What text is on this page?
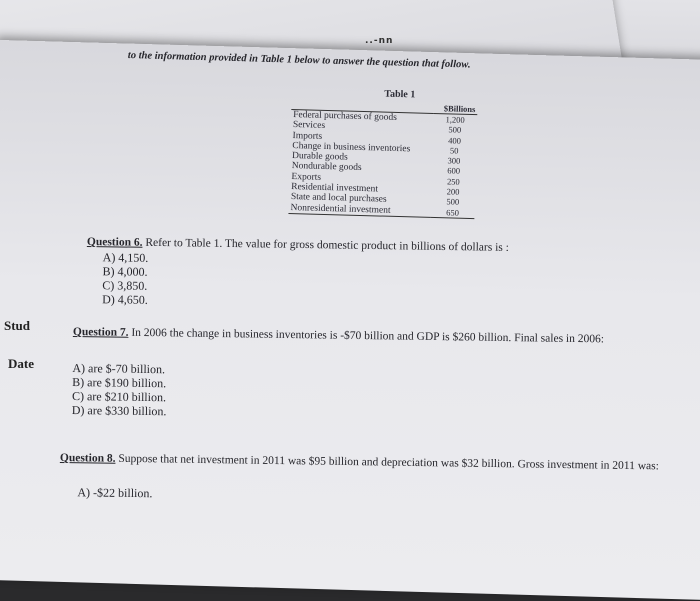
..-nn
to the information provided in Table 1 below to answer the question that follow.
Table 1
	$Billions
Federal purchases of goods	1,200
Services	500
Imports	400
Change in business inventories	50
Durable goods	300
Nondurable goods	600
Exports	250
Residential investment	200
State and local purchases	500
Nonresidential investment	650
Question 6. Refer to Table 1. The value for gross domestic product in billions of dollars is :
A) 4,150.
B) 4,000.
C) 3,850.
D) 4,650.
Stud
Date
Question 7. In 2006 the change in business inventories is -$70 billion and GDP is $260 billion. Final sales in 2006:
A) are $-70 billion.
B) are $190 billion.
C) are $210 billion.
D) are $330 billion.
Question 8. Suppose that net investment in 2011 was $95 billion and depreciation was $32 billion. Gross investment in 2011 was:
A) -$22 billion.
